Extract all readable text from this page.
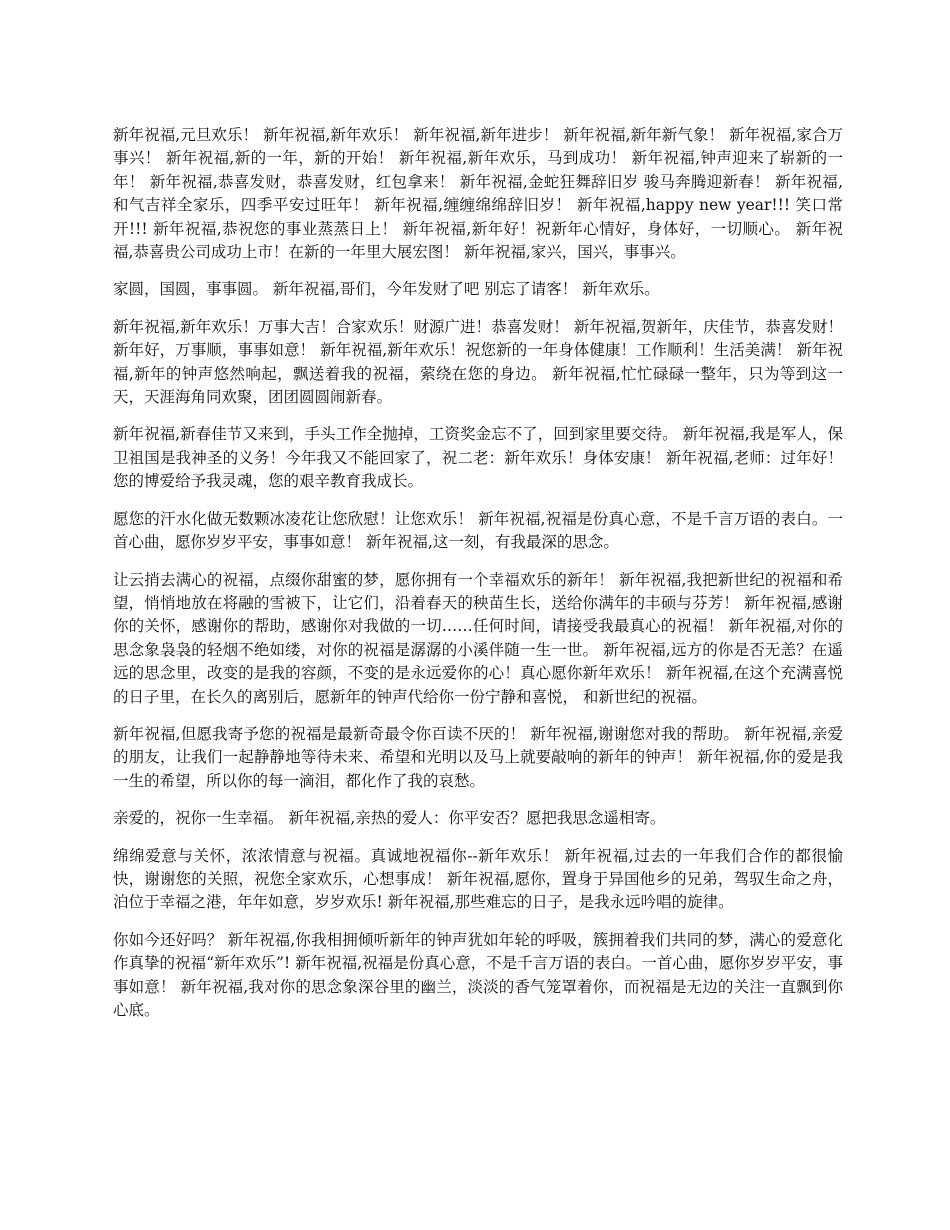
新年祝福,元旦欢乐！ 新年祝福,新年欢乐！ 新年祝福,新年进步！ 新年祝福,新年新气象！ 新年祝福,家合万事兴！ 新年祝福,新的一年，新的开始！ 新年祝福,新年欢乐，马到成功！ 新年祝福,钟声迎来了崭新的一年！ 新年祝福,恭喜发财，恭喜发财，红包拿来！ 新年祝福,金蛇狂舞辞旧岁 骏马奔腾迎新春！ 新年祝福,和气吉祥全家乐，四季平安过旺年！ 新年祝福,缠缠绵绵辞旧岁！ 新年祝福,happy new year!!! 笑口常开!!! 新年祝福,恭祝您的事业蒸蒸日上！ 新年祝福,新年好！祝新年心情好，身体好，一切顺心。 新年祝福,恭喜贵公司成功上市！在新的一年里大展宏图！ 新年祝福,家兴，国兴，事事兴。

家圆，国圆，事事圆。 新年祝福,哥们，今年发财了吧 别忘了请客！ 新年欢乐。

新年祝福,新年欢乐！万事大吉！合家欢乐！财源广进！恭喜发财！ 新年祝福,贺新年，庆佳节，恭喜发财！新年好，万事顺，事事如意！ 新年祝福,新年欢乐！祝您新的一年身体健康！工作顺利！生活美满！ 新年祝福,新年的钟声悠然响起，飘送着我的祝福，萦绕在您的身边。 新年祝福,忙忙碌碌一整年，只为等到这一天，天涯海角同欢聚，团团圆圆闹新春。

新年祝福,新春佳节又来到，手头工作全抛掉，工资奖金忘不了，回到家里要交待。 新年祝福,我是军人，保卫祖国是我神圣的义务！今年我又不能回家了，祝二老：新年欢乐！身体安康！ 新年祝福,老师：过年好！您的博爱给予我灵魂，您的艰辛教育我成长。

愿您的汗水化做无数颗冰凌花让您欣慰！让您欢乐！ 新年祝福,祝福是份真心意，不是千言万语的表白。一首心曲，愿你岁岁平安，事事如意！ 新年祝福,这一刻，有我最深的思念。

让云捎去满心的祝福，点缀你甜蜜的梦，愿你拥有一个幸福欢乐的新年！ 新年祝福,我把新世纪的祝福和希望，悄悄地放在将融的雪被下，让它们，沿着春天的秧苗生长，送给你满年的丰硕与芬芳！ 新年祝福,感谢你的关怀，感谢你的帮助，感谢你对我做的一切……任何时间，请接受我最真心的祝福！ 新年祝福,对你的思念象袅袅的轻烟不绝如缕，对你的祝福是潺潺的小溪伴随一生一世。 新年祝福,远方的你是否无恙？在遥远的思念里，改变的是我的容颜，不变的是永远爱你的心！真心愿你新年欢乐！ 新年祝福,在这个充满喜悦的日子里，在长久的离别后，愿新年的钟声代给你一份宁静和喜悦， 和新世纪的祝福。

新年祝福,但愿我寄予您的祝福是最新奇最令你百读不厌的！ 新年祝福,谢谢您对我的帮助。 新年祝福,亲爱的朋友，让我们一起静静地等待未来、希望和光明以及马上就要敲响的新年的钟声！ 新年祝福,你的爱是我一生的希望，所以你的每一滴泪，都化作了我的哀愁。

亲爱的，祝你一生幸福。 新年祝福,亲热的爱人：你平安否？愿把我思念遥相寄。

绵绵爱意与关怀，浓浓情意与祝福。真诚地祝福你--新年欢乐！ 新年祝福,过去的一年我们合作的都很愉快，谢谢您的关照，祝您全家欢乐，心想事成！ 新年祝福,愿你，置身于异国他乡的兄弟，驾驭生命之舟，泊位于幸福之港，年年如意，岁岁欢乐! 新年祝福,那些难忘的日子，是我永远吟唱的旋律。

你如今还好吗？ 新年祝福,你我相拥倾听新年的钟声犹如年轮的呼吸，簇拥着我们共同的梦，满心的爱意化作真挚的祝福“新年欢乐”! 新年祝福,祝福是份真心意，不是千言万语的表白。一首心曲，愿你岁岁平安，事事如意！ 新年祝福,我对你的思念象深谷里的幽兰，淡淡的香气笼罩着你，而祝福是无边的关注一直飘到你心底。
